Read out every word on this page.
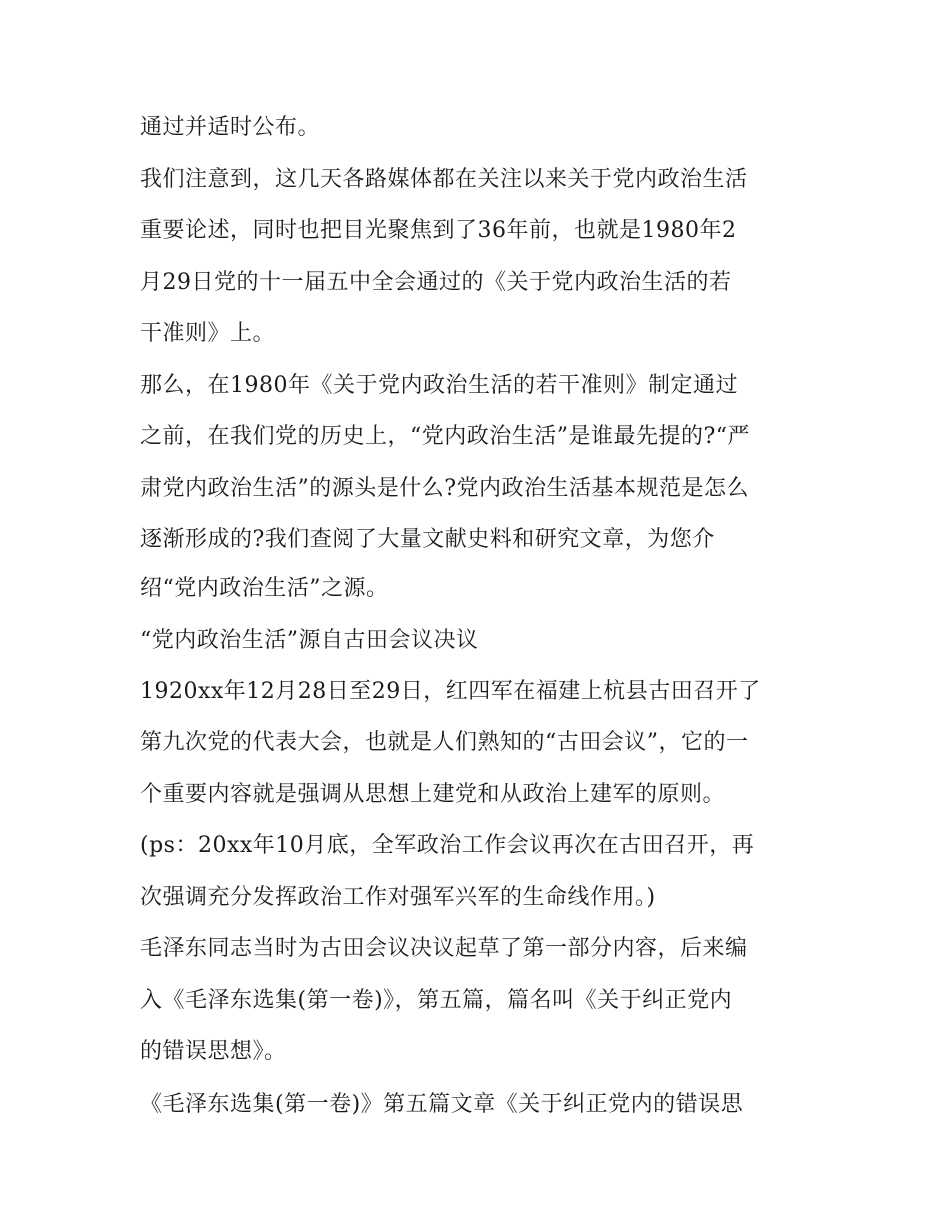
通过并适时公布。
我们注意到，这几天各路媒体都在关注以来关于党内政治生活
重要论述，同时也把目光聚焦到了36年前，也就是1980年2
月29日党的十一届五中全会通过的《关于党内政治生活的若
干准则》上。
那么，在1980年《关于党内政治生活的若干准则》制定通过
之前，在我们党的历史上，“党内政治生活”是谁最先提的?“严
肃党内政治生活”的源头是什么?党内政治生活基本规范是怎么
逐渐形成的?我们查阅了大量文献史料和研究文章，为您介
绍“党内政治生活”之源。
“党内政治生活”源自古田会议决议
1920xx年12月28日至29日，红四军在福建上杭县古田召开了
第九次党的代表大会，也就是人们熟知的“古田会议”，它的一
个重要内容就是强调从思想上建党和从政治上建军的原则。
(ps：20xx年10月底，全军政治工作会议再次在古田召开，再
次强调充分发挥政治工作对强军兴军的生命线作用。)
毛泽东同志当时为古田会议决议起草了第一部分内容，后来编
入《毛泽东选集(第一卷)》，第五篇，篇名叫《关于纠正党内
的错误思想》。
《毛泽东选集(第一卷)》第五篇文章《关于纠正党内的错误思
